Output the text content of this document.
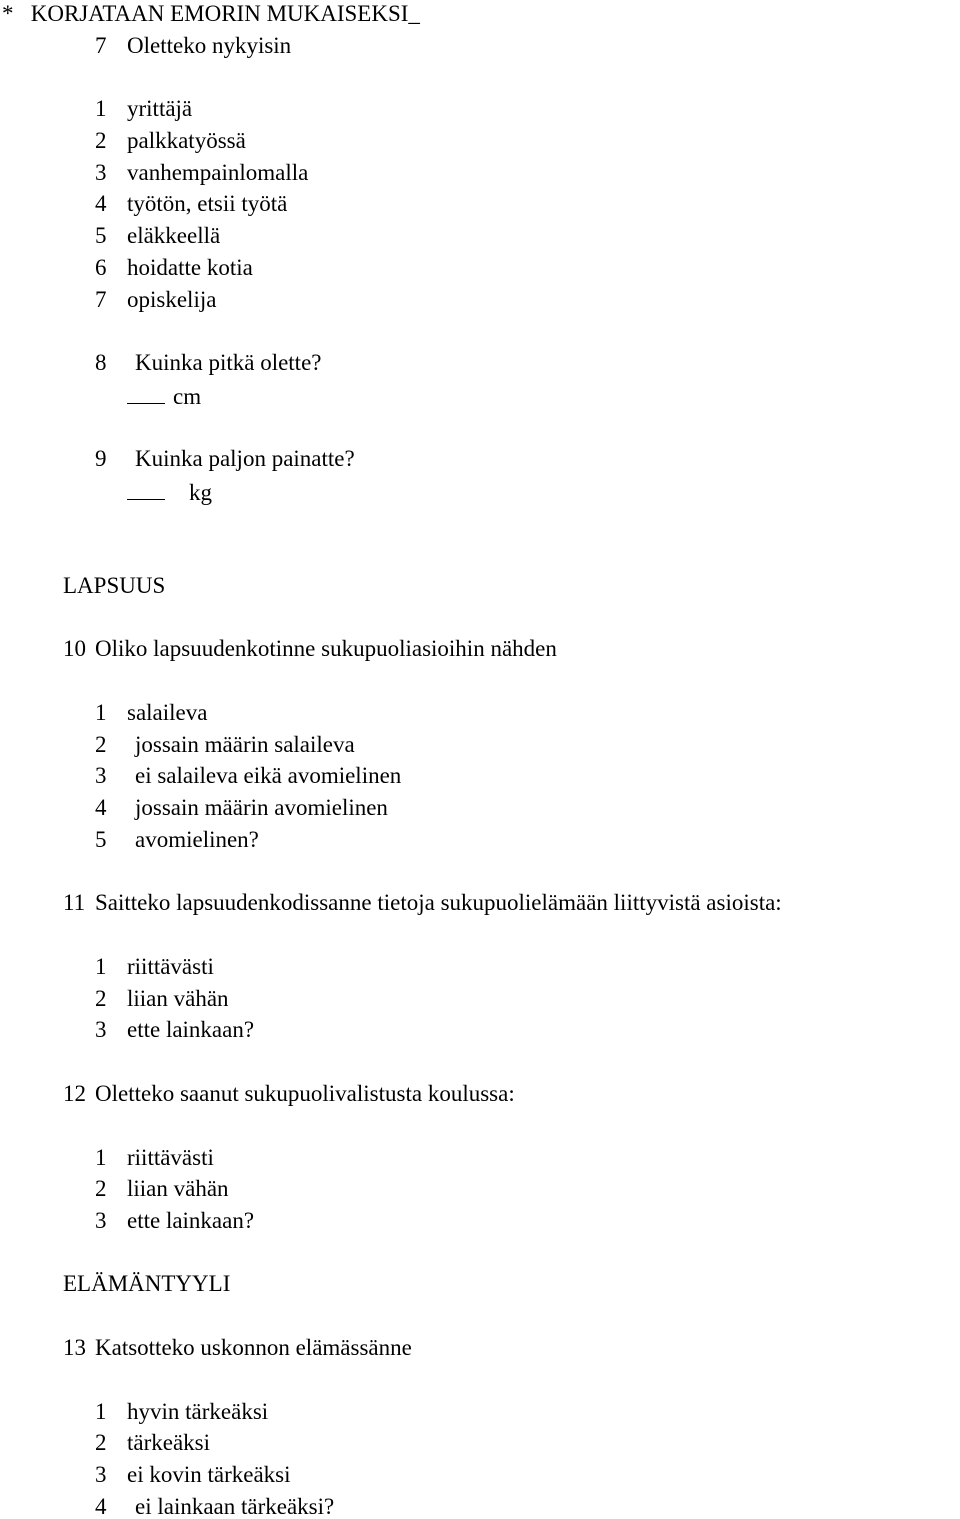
*   KORJATAAN EMORIN MUKAISEKSI_
7 Oletteko nykyisin
1 yrittäjä
2 palkkatyössä
3 vanhempainlomalla
4 työtön, etsii työtä
5 eläkkeellä
6 hoidatte kotia
7 opiskelija
8 Kuinka pitkä olette?
cm
9 Kuinka paljon painatte?
kg
LAPSUUS
10 Oliko lapsuudenkotinne sukupuoliasioihin nähden
1 salaileva
2 jossain määrin salaileva
3 ei salaileva eikä avomielinen
4 jossain määrin avomielinen
5 avomielinen?
11 Saitteko lapsuudenkodissanne tietoja sukupuolielämään liittyvistä asioista:
1 riittävästi
2 liian vähän
3 ette lainkaan?
12 Oletteko saanut sukupuolivalistusta koulussa:
1 riittävästi
2 liian vähän
3 ette lainkaan?
ELÄMÄNTYYLI
13 Katsotteko uskonnon elämässänne
1 hyvin tärkeäksi
2 tärkeäksi
3 ei kovin tärkeäksi
4 ei lainkaan tärkeäksi?
